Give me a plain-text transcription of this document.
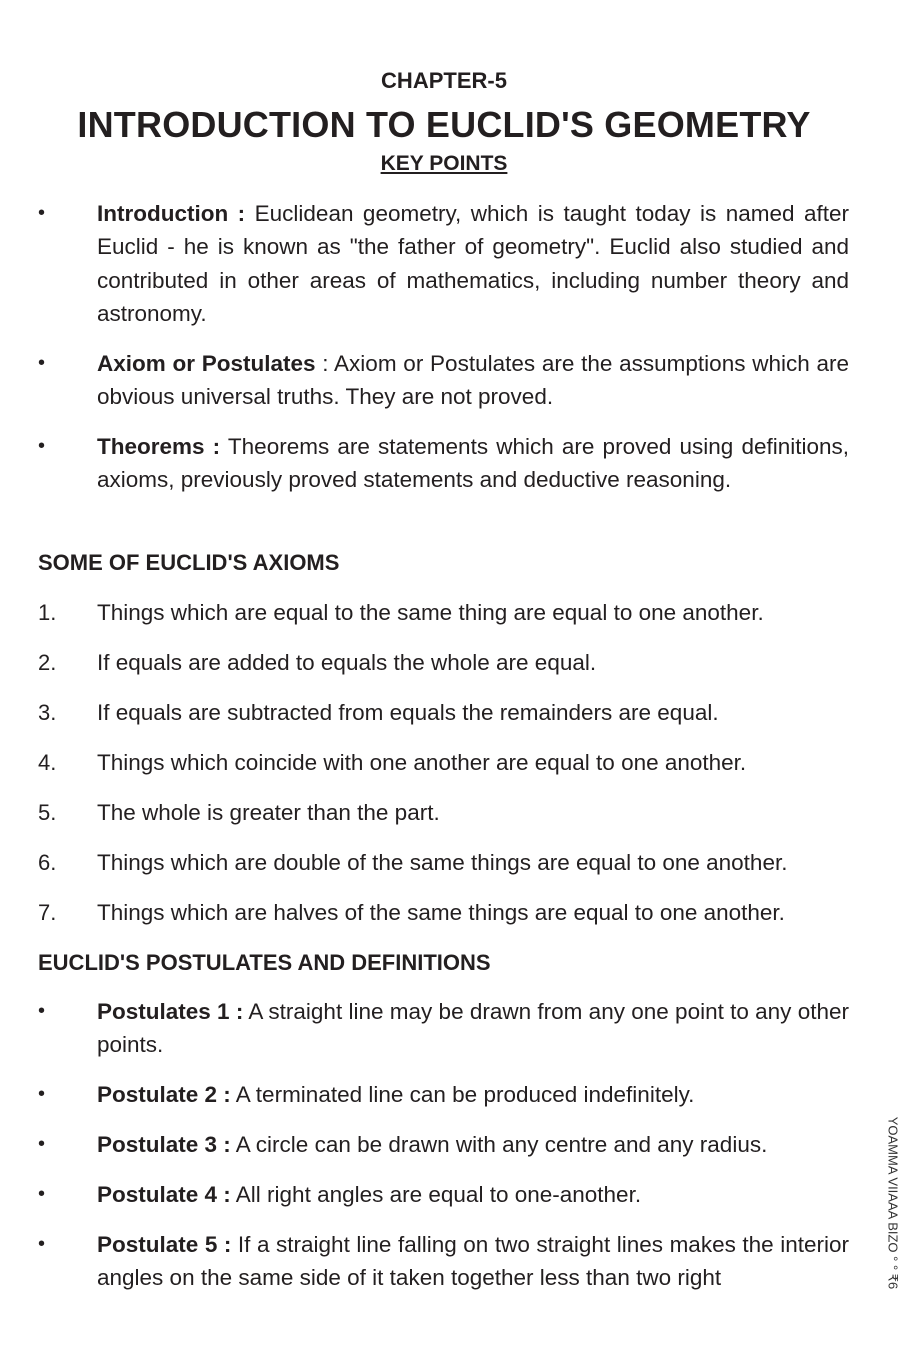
CHAPTER-5
INTRODUCTION TO EUCLID'S GEOMETRY
KEY POINTS
• Introduction : Euclidean geometry, which is taught today is named after Euclid - he is known as "the father of geometry". Euclid also studied and contributed in other areas of mathematics, including number theory and astronomy.
• Axiom or Postulates : Axiom or Postulates are the assumptions which are obvious universal truths. They are not proved.
• Theorems : Theorems are statements which are proved using definitions, axioms, previously proved statements and deductive reasoning.
SOME OF EUCLID'S AXIOMS
1. Things which are equal to the same thing are equal to one another.
2. If equals are added to equals the whole are equal.
3. If equals are subtracted from equals the remainders are equal.
4. Things which coincide with one another are equal to one another.
5. The whole is greater than the part.
6. Things which are double of the same things are equal to one another.
7. Things which are halves of the same things are equal to one another.
EUCLID'S POSTULATES AND DEFINITIONS
• Postulates 1 : A straight line may be drawn from any one point to any other points.
• Postulate 2 : A terminated line can be produced indefinitely.
• Postulate 3 : A circle can be drawn with any centre and any radius.
• Postulate 4 : All right angles are equal to one-another.
• Postulate 5 : If a straight line falling on two straight lines makes the interior angles on the same side of it taken together less than two right	YOAMMA VIIAAA BIZO ° ° ₹6
